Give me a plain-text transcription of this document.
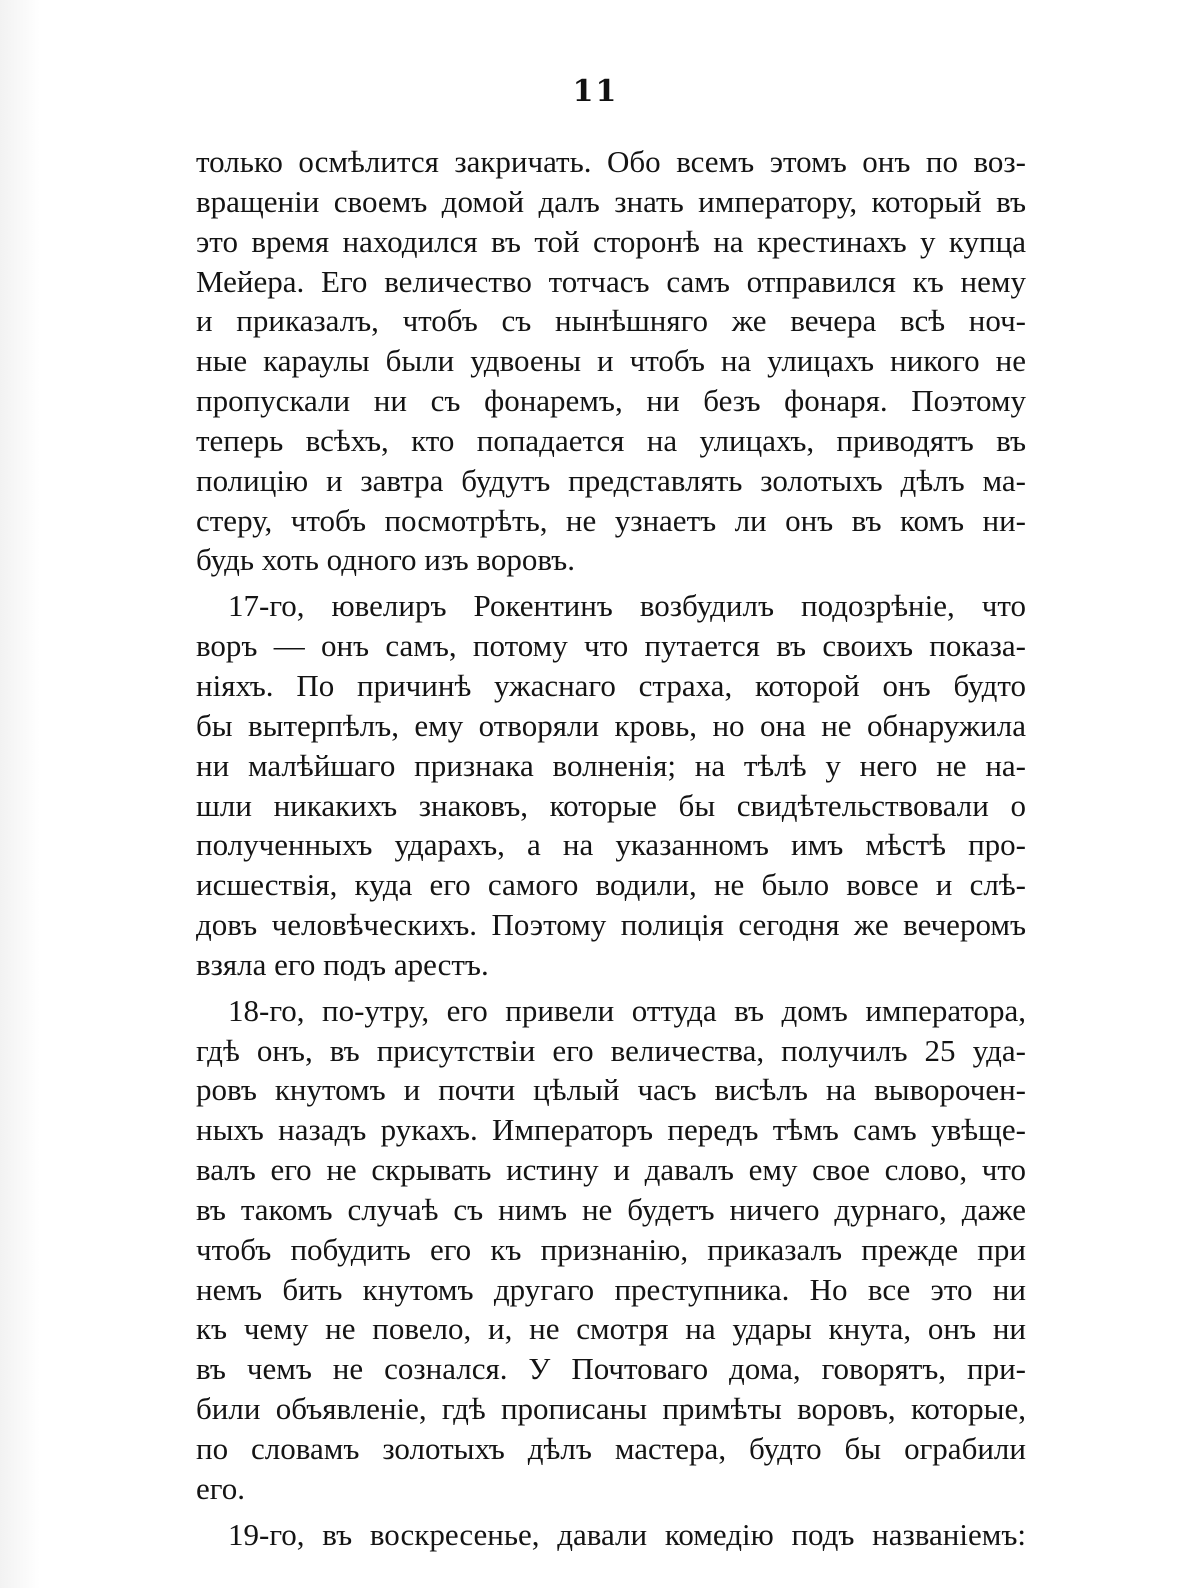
11
только осмѣлится закричать. Обо всемъ этомъ онъ по воз-
вращеніи своемъ домой далъ знать императору, который въ
это время находился въ той сторонѣ на крестинахъ у купца
Мейера. Его величество тотчасъ самъ отправился къ нему
и приказалъ, чтобъ съ нынѣшняго же вечера всѣ ноч-
ные караулы были удвоены и чтобъ на улицахъ никого не
пропускали ни съ фонаремъ, ни безъ фонаря. Поэтому
теперь всѣхъ, кто попадается на улицахъ, приводятъ въ
полицію и завтра будутъ представлять золотыхъ дѣлъ ма-
стеру, чтобъ посмотрѣть, не узнаетъ ли онъ въ комъ ни-
будь хоть одного изъ воровъ.
17-го, ювелиръ Рокентинъ возбудилъ подозрѣніе, что
воръ — онъ самъ, потому что путается въ своихъ показа-
ніяхъ. По причинѣ ужаснаго страха, которой онъ будто
бы вытерпѣлъ, ему отворяли кровь, но она не обнаружила
ни малѣйшаго признака волненія; на тѣлѣ у него не на-
шли никакихъ знаковъ, которые бы свидѣтельствовали о
полученныхъ ударахъ, а на указанномъ имъ мѣстѣ про-
исшествія, куда его самого водили, не было вовсе и слѣ-
довъ человѣческихъ. Поэтому полиція сегодня же вечеромъ
взяла его подъ арестъ.
18-го, по-утру, его привели оттуда въ домъ императора,
гдѣ онъ, въ присутствіи его величества, получилъ 25 уда-
ровъ кнутомъ и почти цѣлый часъ висѣлъ на выворочен-
ныхъ назадъ рукахъ. Императоръ передъ тѣмъ самъ увѣще-
валъ его не скрывать истину и давалъ ему свое слово, что
въ такомъ случаѣ съ нимъ не будетъ ничего дурнаго, даже
чтобъ побудить его къ признанію, приказалъ прежде при
немъ бить кнутомъ другаго преступника. Но все это ни
къ чему не повело, и, не смотря на удары кнута, онъ ни
въ чемъ не сознался. У Почтоваго дома, говорятъ, при-
били объявленіе, гдѣ прописаны примѣты воровъ, которые,
по словамъ золотыхъ дѣлъ мастера, будто бы ограбили
его.
19-го, въ воскресенье, давали комедію подъ названіемъ:
